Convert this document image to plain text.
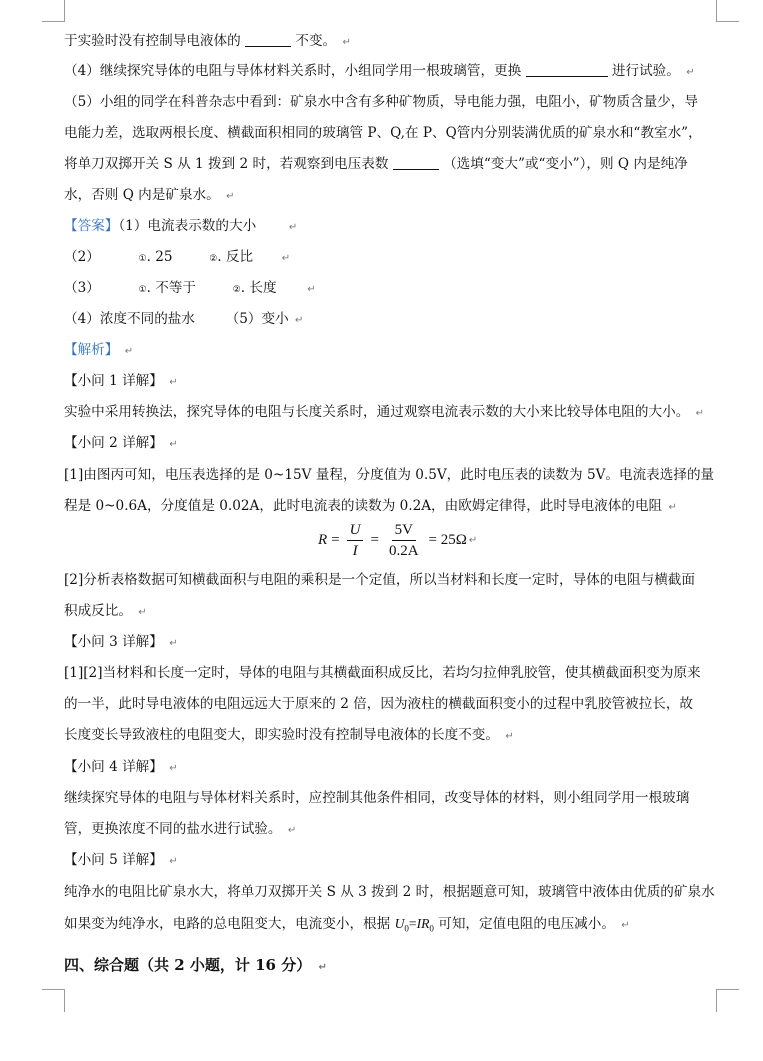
于实验时没有控制导电液体的	不变。 ↵
（4）继续探究导体的电阻与导体材料关系时，小组同学用一根玻璃管，更换	进行试验。 ↵
（5）小组的同学在科普杂志中看到：矿泉水中含有多种矿物质，导电能力强，电阻小，矿物质含量少，导
电能力差，选取两根长度、横截面积相同的玻璃管 P、Q,在 P、Q管内分别装满优质的矿泉水和“教室水”，
将单刀双掷开关 S 从 1 拨到 2 时，若观察到电压表数	（选填“变大”或“变小”），则 Q 内是纯净
水，否则 Q 内是矿泉水。 ↵
【答案】（1）电流表示数的大小	↵
（2）	①. 25	②. 反比	↵
（3）	①. 不等于	②. 长度	↵
（4）浓度不同的盐水 （5）变小 ↵
【解析】 ↵
【小问 1 详解】 ↵
实验中采用转换法，探究导体的电阻与长度关系时，通过观察电流表示数的大小来比较导体电阻的大小。 ↵
【小问 2 详解】 ↵
[1]由图丙可知，电压表选择的是 0~15V 量程，分度值为 0.5V，此时电压表的读数为 5V。电流表选择的量
程是 0~0.6A，分度值是 0.02A，此时电流表的读数为 0.2A，由欧姆定律得，此时导电液体的电阻 ↵
$R = \frac{U}{I} = \frac{5V}{0.2A} = 25\Omega$ ↵
[2]分析表格数据可知横截面积与电阻的乘积是一个定值，所以当材料和长度一定时，导体的电阻与横截面
积成反比。 ↵
【小问 3 详解】 ↵
[1][2]当材料和长度一定时，导体的电阻与其横截面积成反比，若均匀拉伸乳胶管，使其横截面积变为原来
的一半，此时导电液体的电阻远远大于原来的 2 倍，因为液柱的横截面积变小的过程中乳胶管被拉长，故
长度变长导致液柱的电阻变大，即实验时没有控制导电液体的长度不变。 ↵
【小问 4 详解】 ↵
继续探究导体的电阻与导体材料关系时，应控制其他条件相同，改变导体的材料，则小组同学用一根玻璃
管，更换浓度不同的盐水进行试验。 ↵
【小问 5 详解】 ↵
纯净水的电阻比矿泉水大，将单刀双掷开关 S 从 3 拨到 2 时，根据题意可知，玻璃管中液体由优质的矿泉水
如果变为纯净水，电路的总电阻变大，电流变小，根据 $U_0=IR_0$ 可知，定值电阻的电压减小。 ↵
四、综合题（共 2 小题，计 16 分） ↵
